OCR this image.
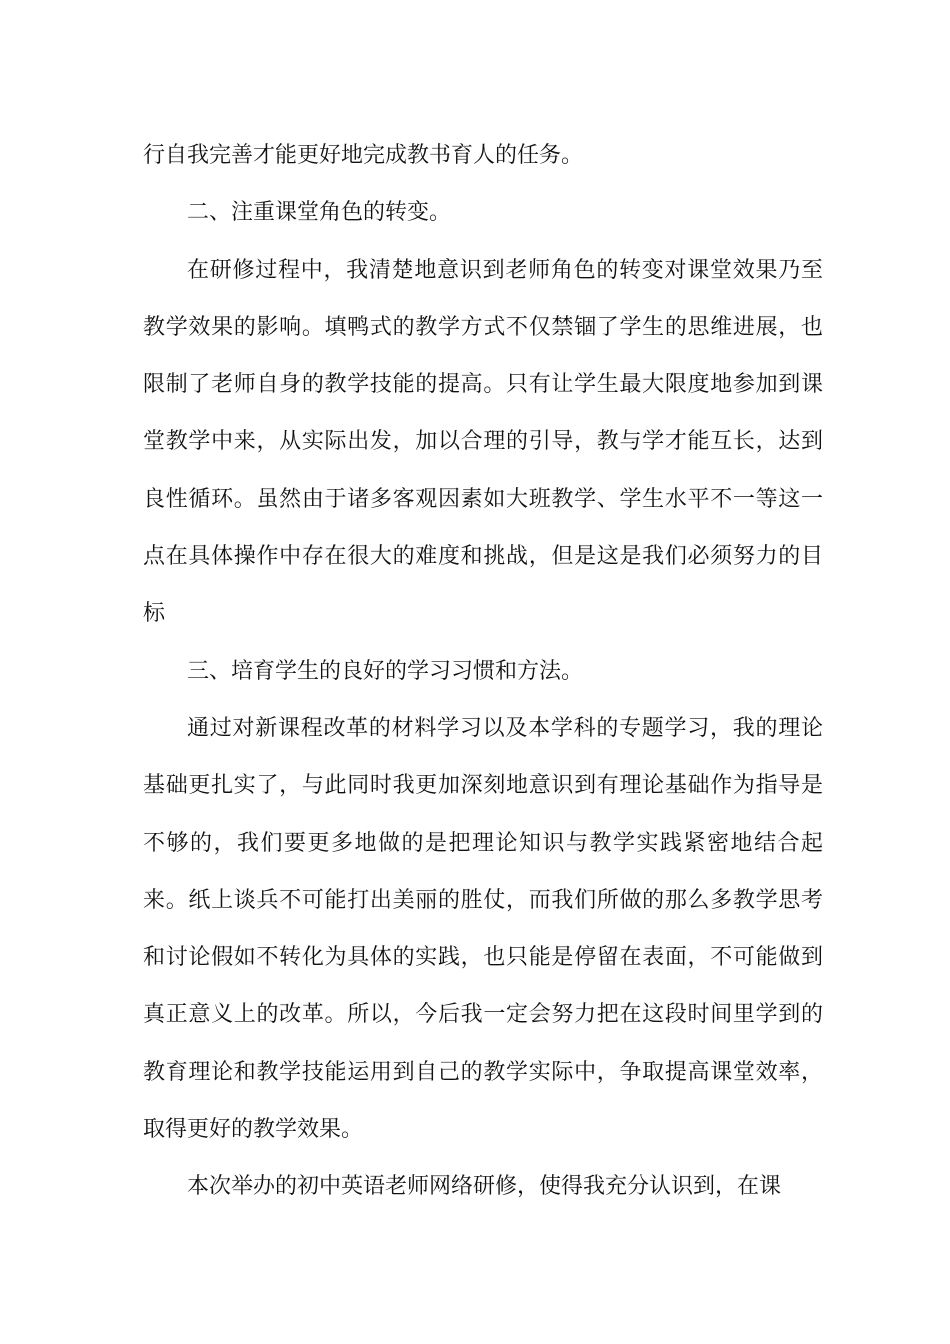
行自我完善才能更好地完成教书育人的任务。

二、注重课堂角色的转变。

在研修过程中，我清楚地意识到老师角色的转变对课堂效果乃至教学效果的影响。填鸭式的教学方式不仅禁锢了学生的思维进展，也限制了老师自身的教学技能的提高。只有让学生最大限度地参加到课堂教学中来，从实际出发，加以合理的引导，教与学才能互长，达到良性循环。虽然由于诸多客观因素如大班教学、学生水平不一等这一点在具体操作中存在很大的难度和挑战，但是这是我们必须努力的目标

三、培育学生的良好的学习习惯和方法。

通过对新课程改革的材料学习以及本学科的专题学习，我的理论基础更扎实了，与此同时我更加深刻地意识到有理论基础作为指导是不够的，我们要更多地做的是把理论知识与教学实践紧密地结合起来。纸上谈兵不可能打出美丽的胜仗，而我们所做的那么多教学思考和讨论假如不转化为具体的实践，也只能是停留在表面，不可能做到真正意义上的改革。所以，今后我一定会努力把在这段时间里学到的教育理论和教学技能运用到自己的教学实际中，争取提高课堂效率，取得更好的教学效果。

本次举办的初中英语老师网络研修，使得我充分认识到，在课
